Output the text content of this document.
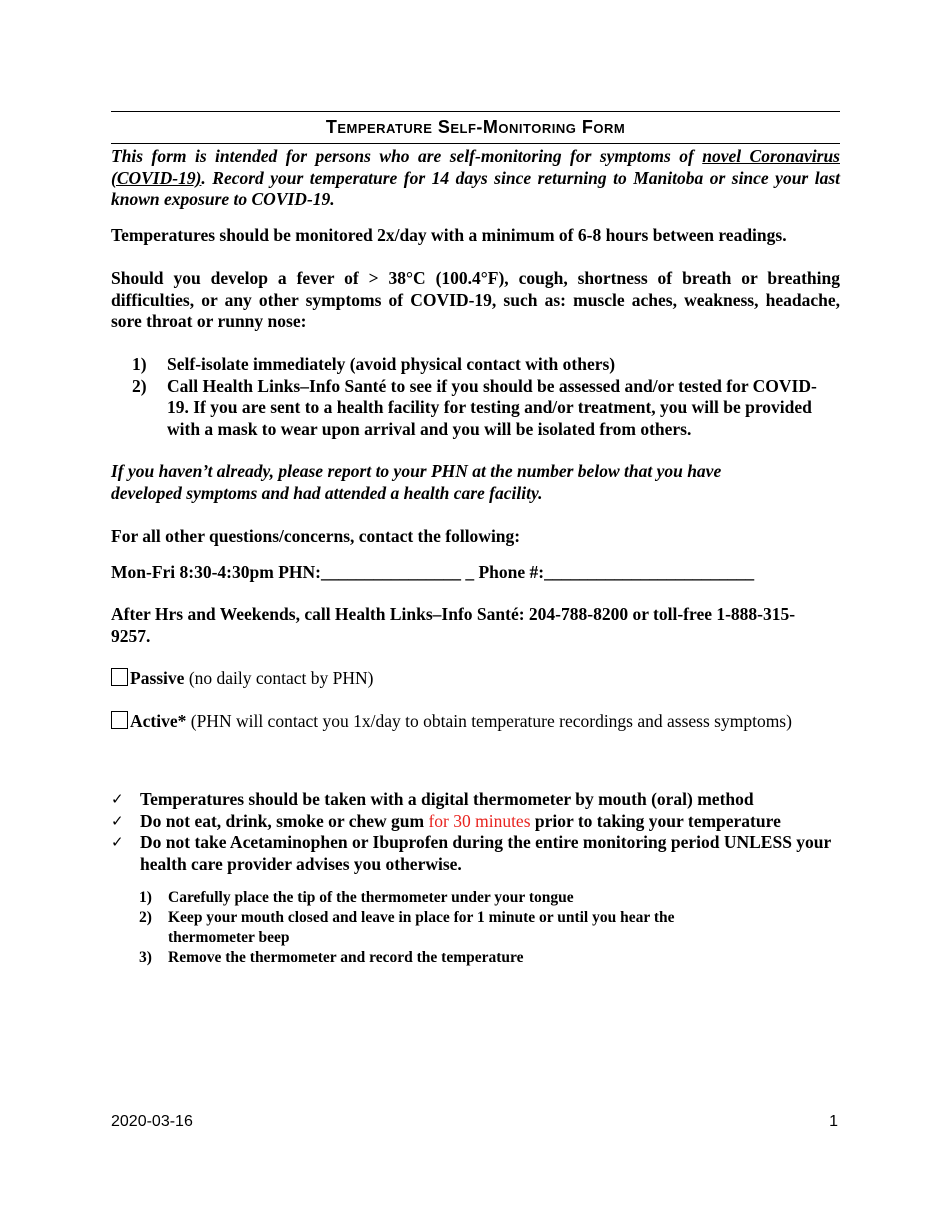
Temperature Self-Monitoring Form
This form is intended for persons who are self-monitoring for symptoms of novel Coronavirus (COVID-19). Record your temperature for 14 days since returning to Manitoba or since your last known exposure to COVID-19.
Temperatures should be monitored 2x/day with a minimum of 6-8 hours between readings.
Should you develop a fever of > 38°C (100.4°F), cough, shortness of breath or breathing difficulties, or any other symptoms of COVID-19, such as: muscle aches, weakness, headache, sore throat or runny nose:
1) Self-isolate immediately (avoid physical contact with others)
2) Call Health Links–Info Santé to see if you should be assessed and/or tested for COVID-19. If you are sent to a health facility for testing and/or treatment, you will be provided with a mask to wear upon arrival and you will be isolated from others.
If you haven’t already, please report to your PHN at the number below that you have developed symptoms and had attended a health care facility.
For all other questions/concerns, contact the following:
Mon-Fri 8:30-4:30pm PHN:________________ _ Phone #:________________________
After Hrs and Weekends, call Health Links–Info Santé: 204-788-8200 or toll-free 1-888-315-9257.
Passive (no daily contact by PHN)
Active* (PHN will contact you 1x/day to obtain temperature recordings and assess symptoms)
✓ Temperatures should be taken with a digital thermometer by mouth (oral) method
✓ Do not eat, drink, smoke or chew gum for 30 minutes prior to taking your temperature
✓ Do not take Acetaminophen or Ibuprofen during the entire monitoring period UNLESS your health care provider advises you otherwise.
1) Carefully place the tip of the thermometer under your tongue
2) Keep your mouth closed and leave in place for 1 minute or until you hear the thermometer beep
3) Remove the thermometer and record the temperature
2020-03-16	1
